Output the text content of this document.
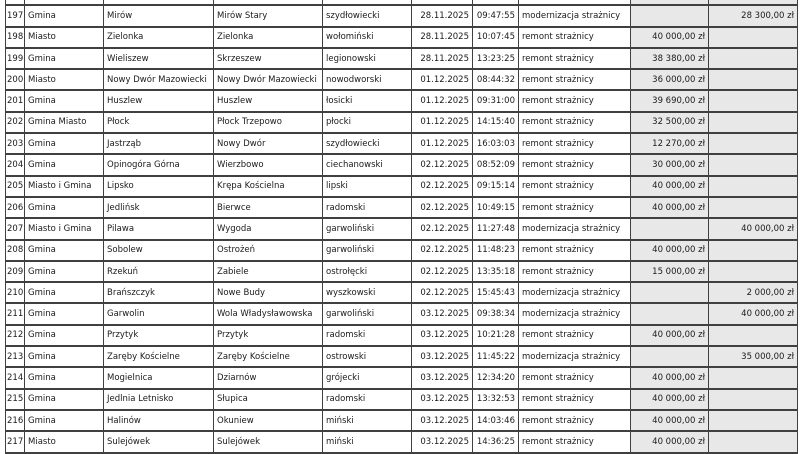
197	Gmina	Mirów	Mirów Stary	szydłowiecki	28.11.2025	09:47:55	modernizacja strażnicy		28 300,00 zł
198	Miasto	Zielonka	Zielonka	wołomiński	28.11.2025	10:07:45	remont strażnicy	40 000,00 zł	
199	Gmina	Wieliszew	Skrzeszew	legionowski	28.11.2025	13:23:25	remont strażnicy	38 380,00 zł	
200	Miasto	Nowy Dwór Mazowiecki	Nowy Dwór Mazowiecki	nowodworski	01.12.2025	08:44:32	remont strażnicy	36 000,00 zł	
201	Gmina	Huszlew	Huszlew	łosicki	01.12.2025	09:31:00	remont strażnicy	39 690,00 zł	
202	Gmina Miasto	Płock	Płock Trzepowo	płocki	01.12.2025	14:15:40	remont strażnicy	32 500,00 zł	
203	Gmina	Jastrząb	Nowy Dwór	szydłowiecki	01.12.2025	16:03:03	remont strażnicy	12 270,00 zł	
204	Gmina	Opinogóra Górna	Wierzbowo	ciechanowski	02.12.2025	08:52:09	remont strażnicy	30 000,00 zł	
205	Miasto i Gmina	Lipsko	Krępa Kościelna	lipski	02.12.2025	09:15:14	remont strażnicy	40 000,00 zł	
206	Gmina	Jedlińsk	Bierwce	radomski	02.12.2025	10:49:15	remont strażnicy	40 000,00 zł	
207	Miasto i Gmina	Pilawa	Wygoda	garwoliński	02.12.2025	11:27:48	modernizacja strażnicy		40 000,00 zł
208	Gmina	Sobolew	Ostrożeń	garwoliński	02.12.2025	11:48:23	remont strażnicy	40 000,00 zł	
209	Gmina	Rzekuń	Zabiele	ostrołęcki	02.12.2025	13:35:18	remont strażnicy	15 000,00 zł	
210	Gmina	Brańszczyk	Nowe Budy	wyszkowski	02.12.2025	15:45:43	modernizacja strażnicy		2 000,00 zł
211	Gmina	Garwolin	Wola Władysławowska	garwoliński	03.12.2025	09:38:34	modernizacja strażnicy		40 000,00 zł
212	Gmina	Przytyk	Przytyk	radomski	03.12.2025	10:21:28	remont strażnicy	40 000,00 zł	
213	Gmina	Zaręby Kościelne	Zaręby Kościelne	ostrowski	03.12.2025	11:45:22	modernizacja strażnicy		35 000,00 zł
214	Gmina	Mogielnica	Dziarnów	grójecki	03.12.2025	12:34:20	remont strażnicy	40 000,00 zł	
215	Gmina	Jedlnia Letnisko	Słupica	radomski	03.12.2025	13:32:53	remont strażnicy	40 000,00 zł	
216	Gmina	Halinów	Okuniew	miński	03.12.2025	14:03:46	remont strażnicy	40 000,00 zł	
217	Miasto	Sulejówek	Sulejówek	miński	03.12.2025	14:36:25	remont strażnicy	40 000,00 zł	
